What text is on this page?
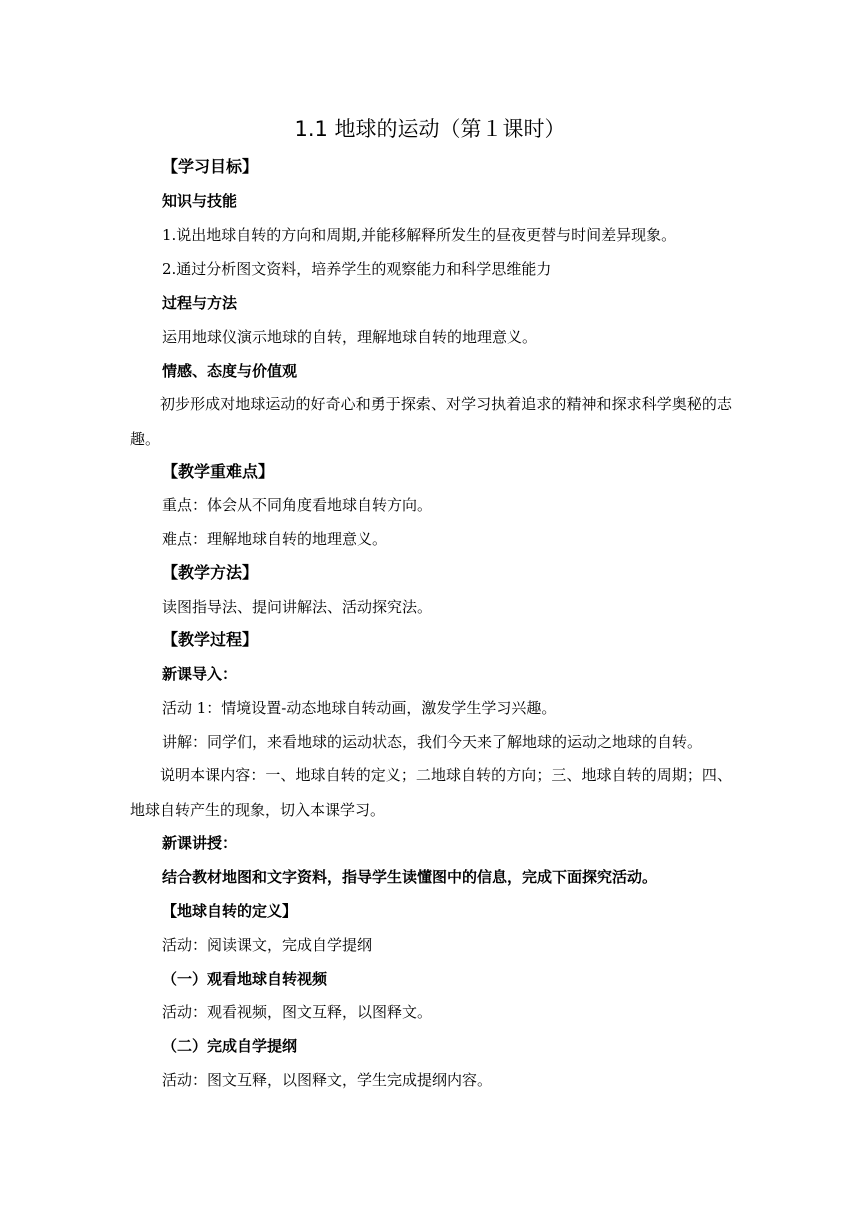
1.1 地球的运动（第１课时）
【学习目标】
知识与技能
1.说出地球自转的方向和周期,并能移解释所发生的昼夜更替与时间差异现象。
2.通过分析图文资料，培养学生的观察能力和科学思维能力
过程与方法
运用地球仪演示地球的自转，理解地球自转的地理意义。
情感、态度与价值观
初步形成对地球运动的好奇心和勇于探索、对学习执着追求的精神和探求科学奥秘的志趣。
【教学重难点】
重点：体会从不同角度看地球自转方向。
难点：理解地球自转的地理意义。
【教学方法】
读图指导法、提问讲解法、活动探究法。
【教学过程】
新课导入：
活动 1：情境设置-动态地球自转动画，激发学生学习兴趣。
讲解：同学们，来看地球的运动状态，我们今天来了解地球的运动之地球的自转。
说明本课内容：一、地球自转的定义；二地球自转的方向；三、地球自转的周期；四、地球自转产生的现象，切入本课学习。
新课讲授：
结合教材地图和文字资料，指导学生读懂图中的信息，完成下面探究活动。
【地球自转的定义】
活动：阅读课文，完成自学提纲
（一）观看地球自转视频
活动：观看视频，图文互释，以图释文。
（二）完成自学提纲
活动：图文互释，以图释文，学生完成提纲内容。
